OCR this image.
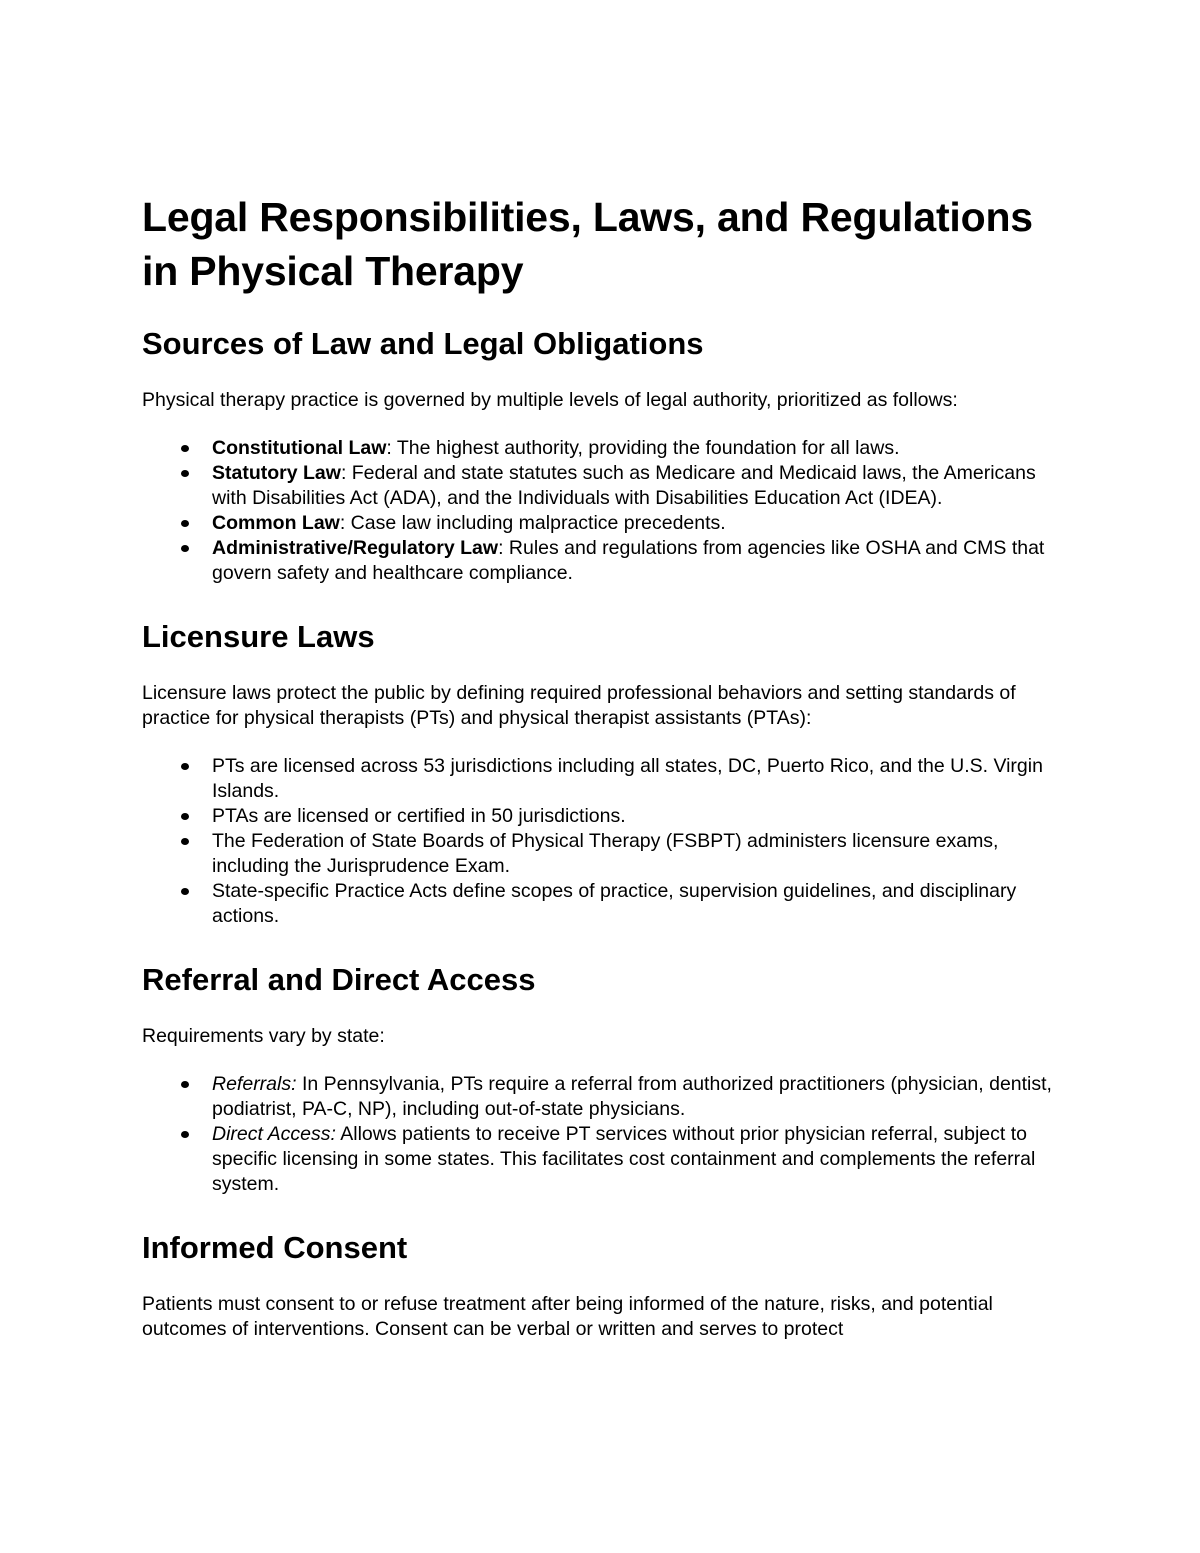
Legal Responsibilities, Laws, and Regulations in Physical Therapy
Sources of Law and Legal Obligations

Physical therapy practice is governed by multiple levels of legal authority, prioritized as follows:

Constitutional Law: The highest authority, providing the foundation for all laws.
Statutory Law: Federal and state statutes such as Medicare and Medicaid laws, the Americans with Disabilities Act (ADA), and the Individuals with Disabilities Education Act (IDEA).
Common Law: Case law including malpractice precedents.
Administrative/Regulatory Law: Rules and regulations from agencies like OSHA and CMS that govern safety and healthcare compliance.
Licensure Laws

Licensure laws protect the public by defining required professional behaviors and setting standards of practice for physical therapists (PTs) and physical therapist assistants (PTAs):

PTs are licensed across 53 jurisdictions including all states, DC, Puerto Rico, and the U.S. Virgin Islands.
PTAs are licensed or certified in 50 jurisdictions.
The Federation of State Boards of Physical Therapy (FSBPT) administers licensure exams, including the Jurisprudence Exam.
State-specific Practice Acts define scopes of practice, supervision guidelines, and disciplinary actions.
Referral and Direct Access

Requirements vary by state:

Referrals: In Pennsylvania, PTs require a referral from authorized practitioners (physician, dentist, podiatrist, PA-C, NP), including out-of-state physicians.
Direct Access: Allows patients to receive PT services without prior physician referral, subject to specific licensing in some states. This facilitates cost containment and complements the referral system.
Informed Consent

Patients must consent to or refuse treatment after being informed of the nature, risks, and potential outcomes of interventions. Consent can be verbal or written and serves to protect
